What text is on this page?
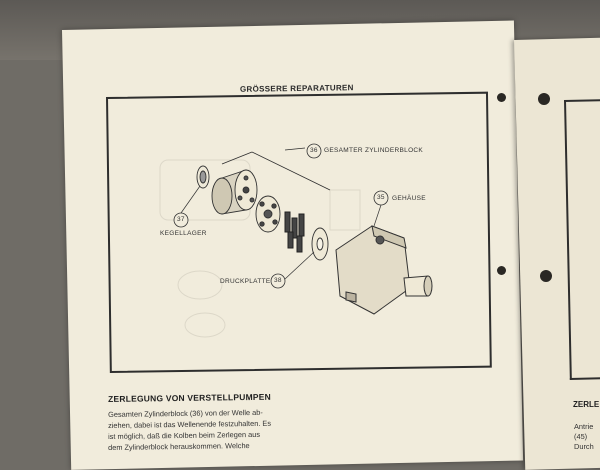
GRÖSSERE REPARATUREN
36 GESAMTER ZYLINDERBLOCK
35 GEHÄUSE
37
KEGELLAGER
38
DRUCKPLATTE
ZERLEGUNG VON VERSTELLPUMPEN
Gesamten Zylinderblock (36) von der Welle ab-
ziehen, dabei ist das Wellenende festzuhalten. Es
ist möglich, daß die Kolben beim Zerlegen aus
dem Zylinderblock herauskommen. Welche
ZERLE
Antrie
(45)
Durch
